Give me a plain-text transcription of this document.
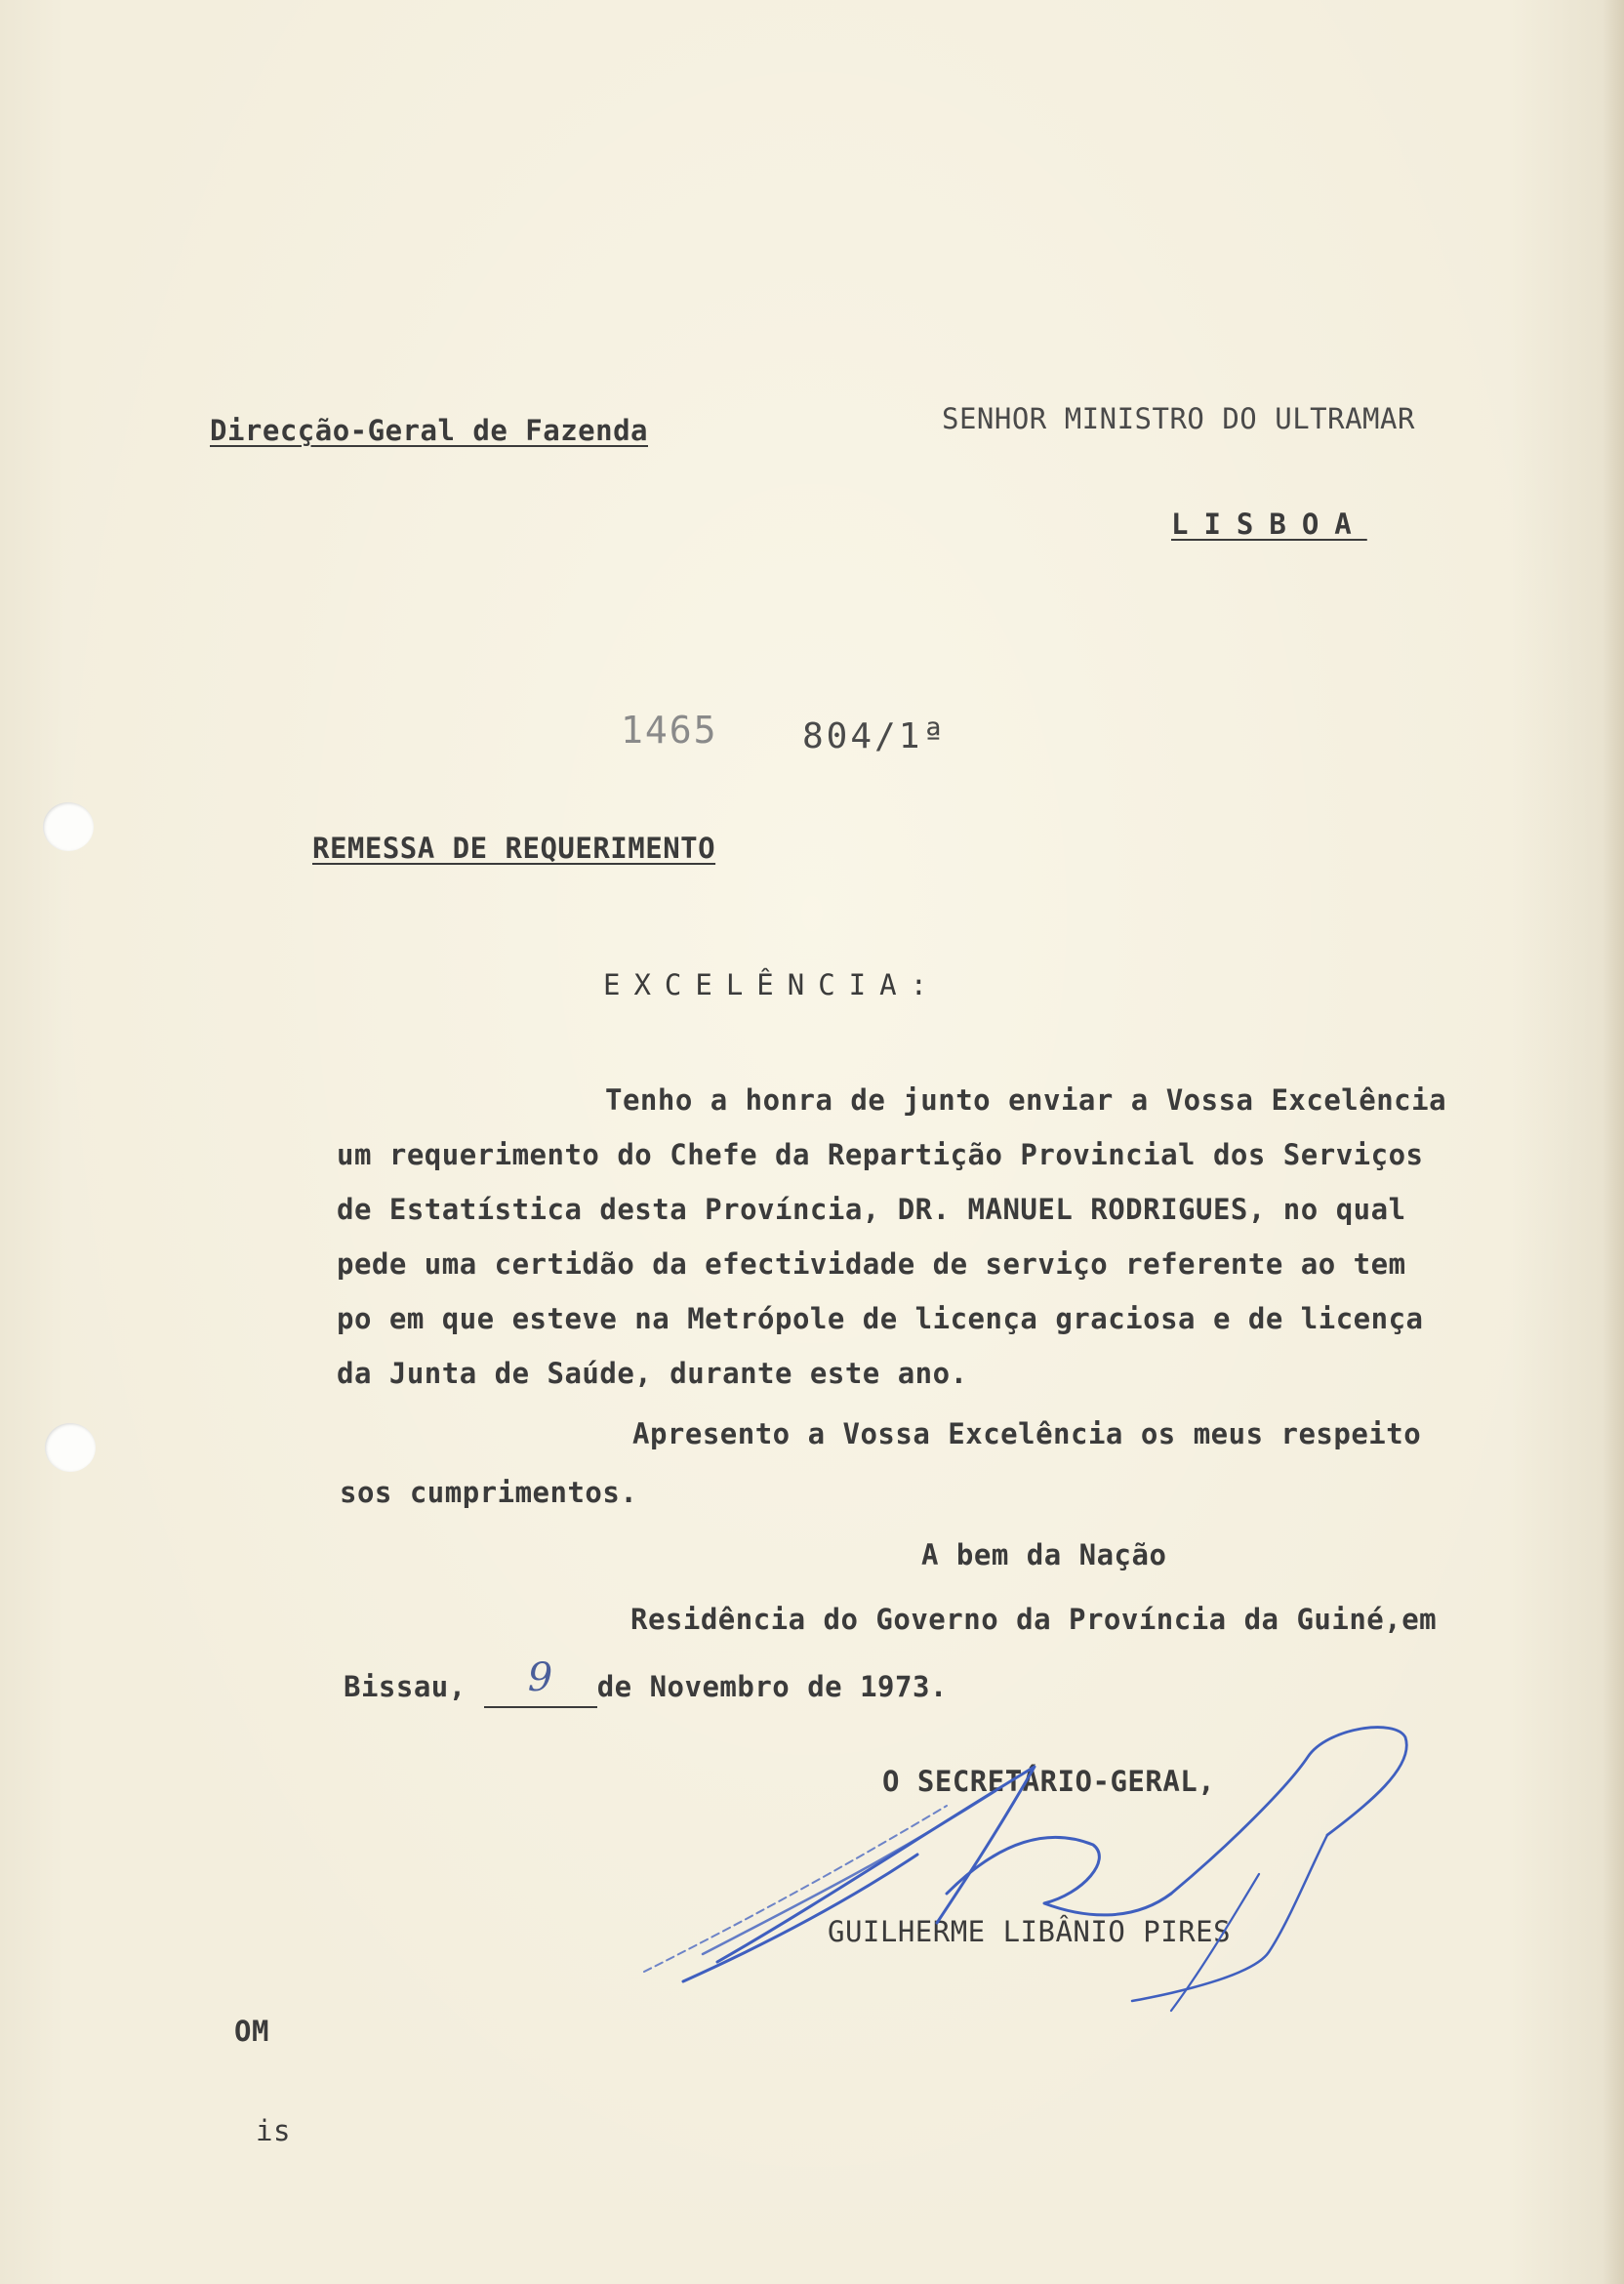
Direcção-Geral de Fazenda	SENHOR MINISTRO DO ULTRAMAR
LISBOA
1465 804/1ª
REMESSA DE REQUERIMENTO
EXCELÊNCIA:
Tenho a honra de junto enviar a Vossa Excelência
um requerimento do Chefe da Repartição Provincial dos Serviços
de Estatística desta Província, DR. MANUEL RODRIGUES, no qual
pede uma certidão da efectividade de serviço referente ao tem
po em que esteve na Metrópole de licença graciosa e de licença
da Junta de Saúde, durante este ano.
Apresento a Vossa Excelência os meus respeito
sos cumprimentos.
A bem da Nação
Residência do Governo da Província da Guiné,em
Bissau, 9 de Novembro de 1973.
O SECRETÁRIO-GERAL,
GUILHERME LIBÂNIO PIRES
OM
is
